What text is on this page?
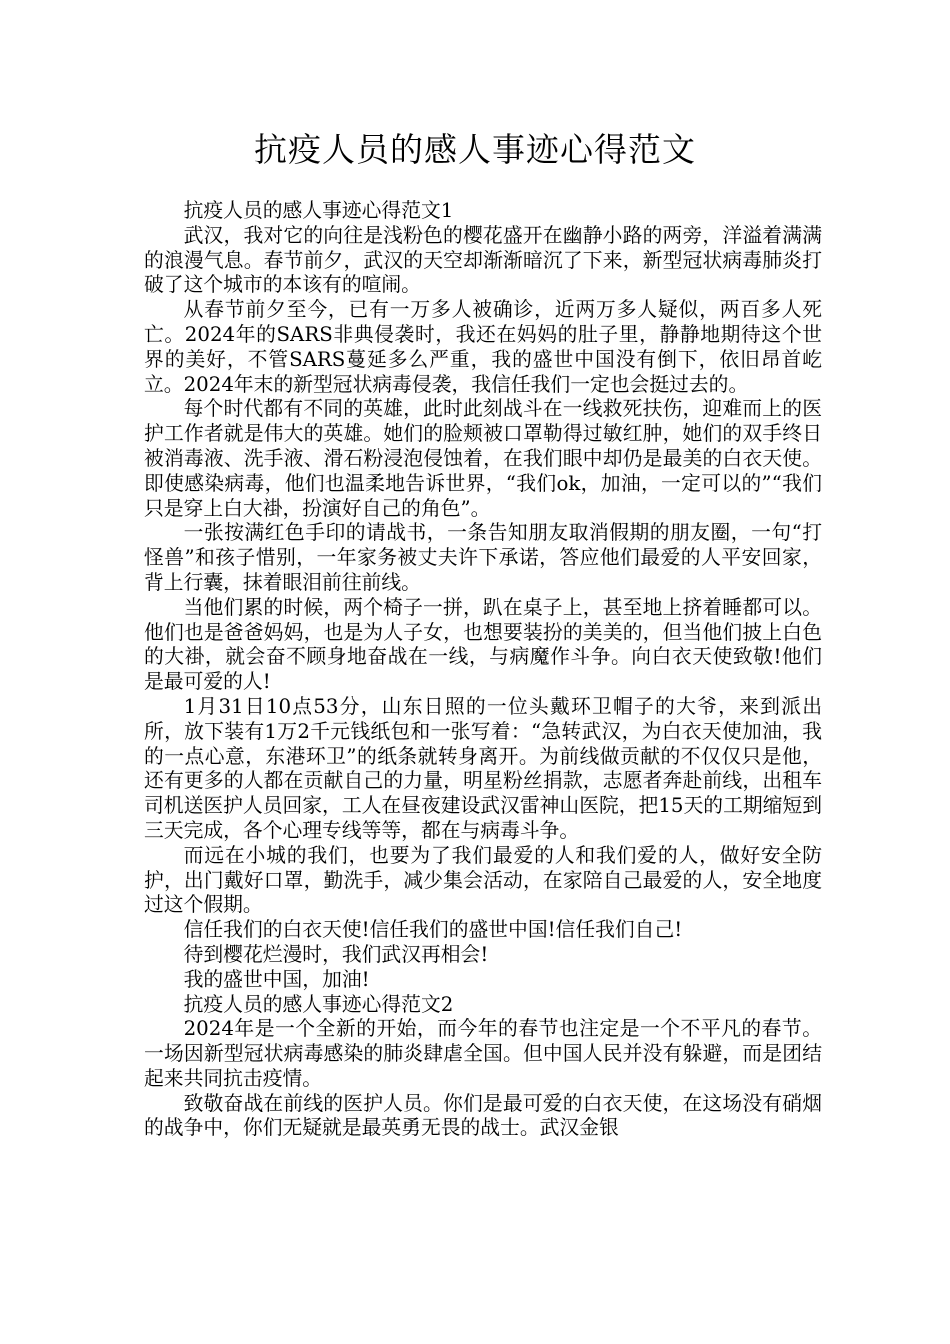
抗疫人员的感人事迹心得范文

抗疫人员的感人事迹心得范文1

武汉，我对它的向往是浅粉色的樱花盛开在幽静小路的两旁，洋溢着满满的浪漫气息。春节前夕，武汉的天空却渐渐暗沉了下来，新型冠状病毒肺炎打破了这个城市的本该有的喧闹。

从春节前夕至今，已有一万多人被确诊，近两万多人疑似，两百多人死亡。2024年的SARS非典侵袭时，我还在妈妈的肚子里，静静地期待这个世界的美好，不管SARS蔓延多么严重，我的盛世中国没有倒下，依旧昂首屹立。2024年末的新型冠状病毒侵袭，我信任我们一定也会挺过去的。

每个时代都有不同的英雄，此时此刻战斗在一线救死扶伤，迎难而上的医护工作者就是伟大的英雄。她们的脸颊被口罩勒得过敏红肿，她们的双手终日被消毒液、洗手液、滑石粉浸泡侵蚀着，在我们眼中却仍是最美的白衣天使。即使感染病毒，他们也温柔地告诉世界，“我们ok，加油，一定可以的”“我们只是穿上白大褂，扮演好自己的角色”。

一张按满红色手印的请战书，一条告知朋友取消假期的朋友圈，一句“打怪兽”和孩子惜别，一年家务被丈夫许下承诺，答应他们最爱的人平安回家，背上行囊，抹着眼泪前往前线。

当他们累的时候，两个椅子一拼，趴在桌子上，甚至地上挤着睡都可以。他们也是爸爸妈妈，也是为人子女，也想要装扮的美美的，但当他们披上白色的大褂，就会奋不顾身地奋战在一线，与病魔作斗争。向白衣天使致敬!他们是最可爱的人!

1月31日10点53分，山东日照的一位头戴环卫帽子的大爷，来到派出所，放下装有1万2千元钱纸包和一张写着：“急转武汉，为白衣天使加油，我的一点心意，东港环卫”的纸条就转身离开。为前线做贡献的不仅仅只是他，还有更多的人都在贡献自己的力量，明星粉丝捐款，志愿者奔赴前线，出租车司机送医护人员回家，工人在昼夜建设武汉雷神山医院，把15天的工期缩短到三天完成，各个心理专线等等，都在与病毒斗争。

而远在小城的我们，也要为了我们最爱的人和我们爱的人，做好安全防护，出门戴好口罩，勤洗手，减少集会活动，在家陪自己最爱的人，安全地度过这个假期。

信任我们的白衣天使!信任我们的盛世中国!信任我们自己!

待到樱花烂漫时，我们武汉再相会!

我的盛世中国，加油!

抗疫人员的感人事迹心得范文2

2024年是一个全新的开始，而今年的春节也注定是一个不平凡的春节。一场因新型冠状病毒感染的肺炎肆虐全国。但中国人民并没有躲避，而是团结起来共同抗击疫情。

致敬奋战在前线的医护人员。你们是最可爱的白衣天使，在这场没有硝烟的战争中，你们无疑就是最英勇无畏的战士。武汉金银
